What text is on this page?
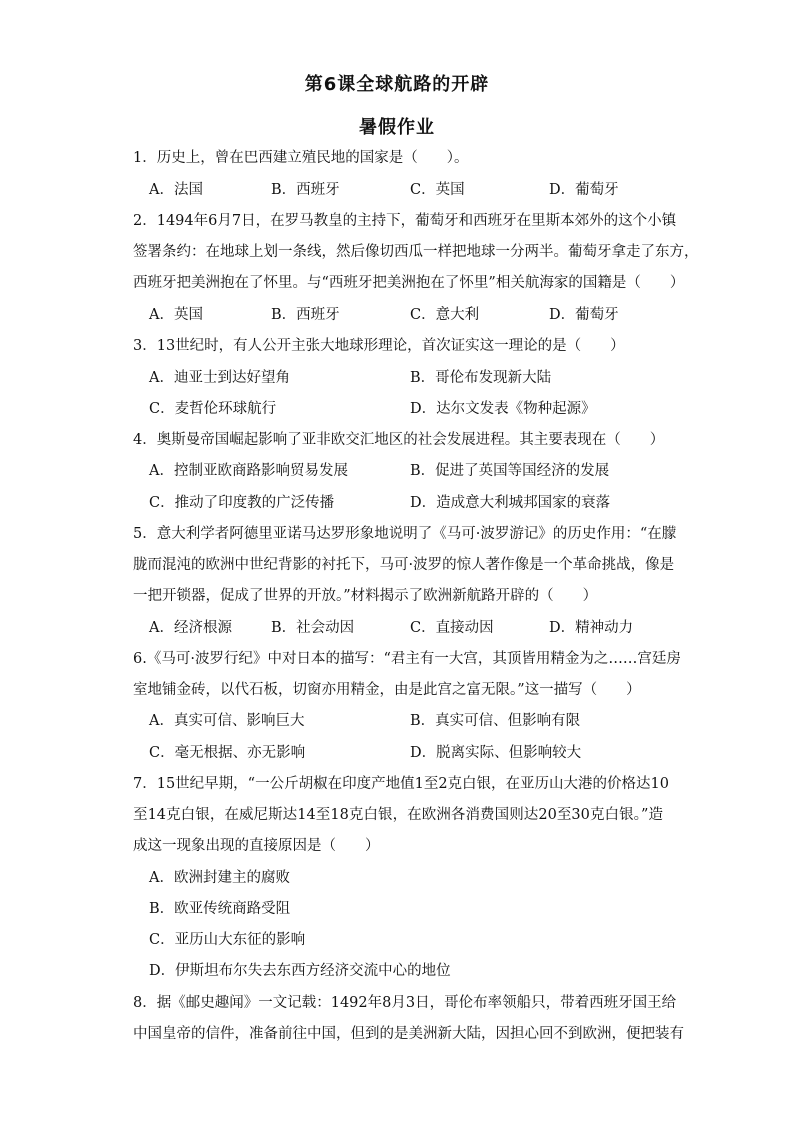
第6课全球航路的开辟
暑假作业
1．历史上，曾在巴西建立殖民地的国家是（　　）。
A．法国	B．西班牙	C．英国	D．葡萄牙
2．1494年6月7日，在罗马教皇的主持下，葡萄牙和西班牙在里斯本郊外的这个小镇
签署条约：在地球上划一条线，然后像切西瓜一样把地球一分两半。葡萄牙拿走了东方，
西班牙把美洲抱在了怀里。与“西班牙把美洲抱在了怀里”相关航海家的国籍是（　　）
A．英国	B．西班牙	C．意大利	D．葡萄牙
3．13世纪时，有人公开主张大地球形理论，首次证实这一理论的是（　　）
A．迪亚士到达好望角	B．哥伦布发现新大陆
C．麦哲伦环球航行	D．达尔文发表《物种起源》
4．奥斯曼帝国崛起影响了亚非欧交汇地区的社会发展进程。其主要表现在（　　）
A．控制亚欧商路影响贸易发展	B．促进了英国等国经济的发展
C．推动了印度教的广泛传播	D．造成意大利城邦国家的衰落
5．意大利学者阿德里亚诺马达罗形象地说明了《马可·波罗游记》的历史作用：“在朦
胧而混沌的欧洲中世纪背影的衬托下，马可·波罗的惊人著作像是一个革命挑战，像是
一把开锁器，促成了世界的开放。”材料揭示了欧洲新航路开辟的（　　）
A．经济根源	B．社会动因	C．直接动因	D．精神动力
6.《马可·波罗行纪》中对日本的描写：“君主有一大宫，其顶皆用精金为之……宫廷房
室地铺金砖，以代石板，切窗亦用精金，由是此宫之富无限。”这一描写（　　）
A．真实可信、影响巨大	B．真实可信、但影响有限
C．毫无根据、亦无影响	D．脱离实际、但影响较大
7．15世纪早期，“一公斤胡椒在印度产地值1至2克白银，在亚历山大港的价格达10
至14克白银，在威尼斯达14至18克白银，在欧洲各消费国则达20至30克白银。”造
成这一现象出现的直接原因是（　　）
A．欧洲封建主的腐败
B．欧亚传统商路受阻
C．亚历山大东征的影响
D．伊斯坦布尔失去东西方经济交流中心的地位
8．据《邮史趣闻》一文记载：1492年8月3日，哥伦布率领船只，带着西班牙国王给
中国皇帝的信件，准备前往中国，但到的是美洲新大陆，因担心回不到欧洲，便把装有
